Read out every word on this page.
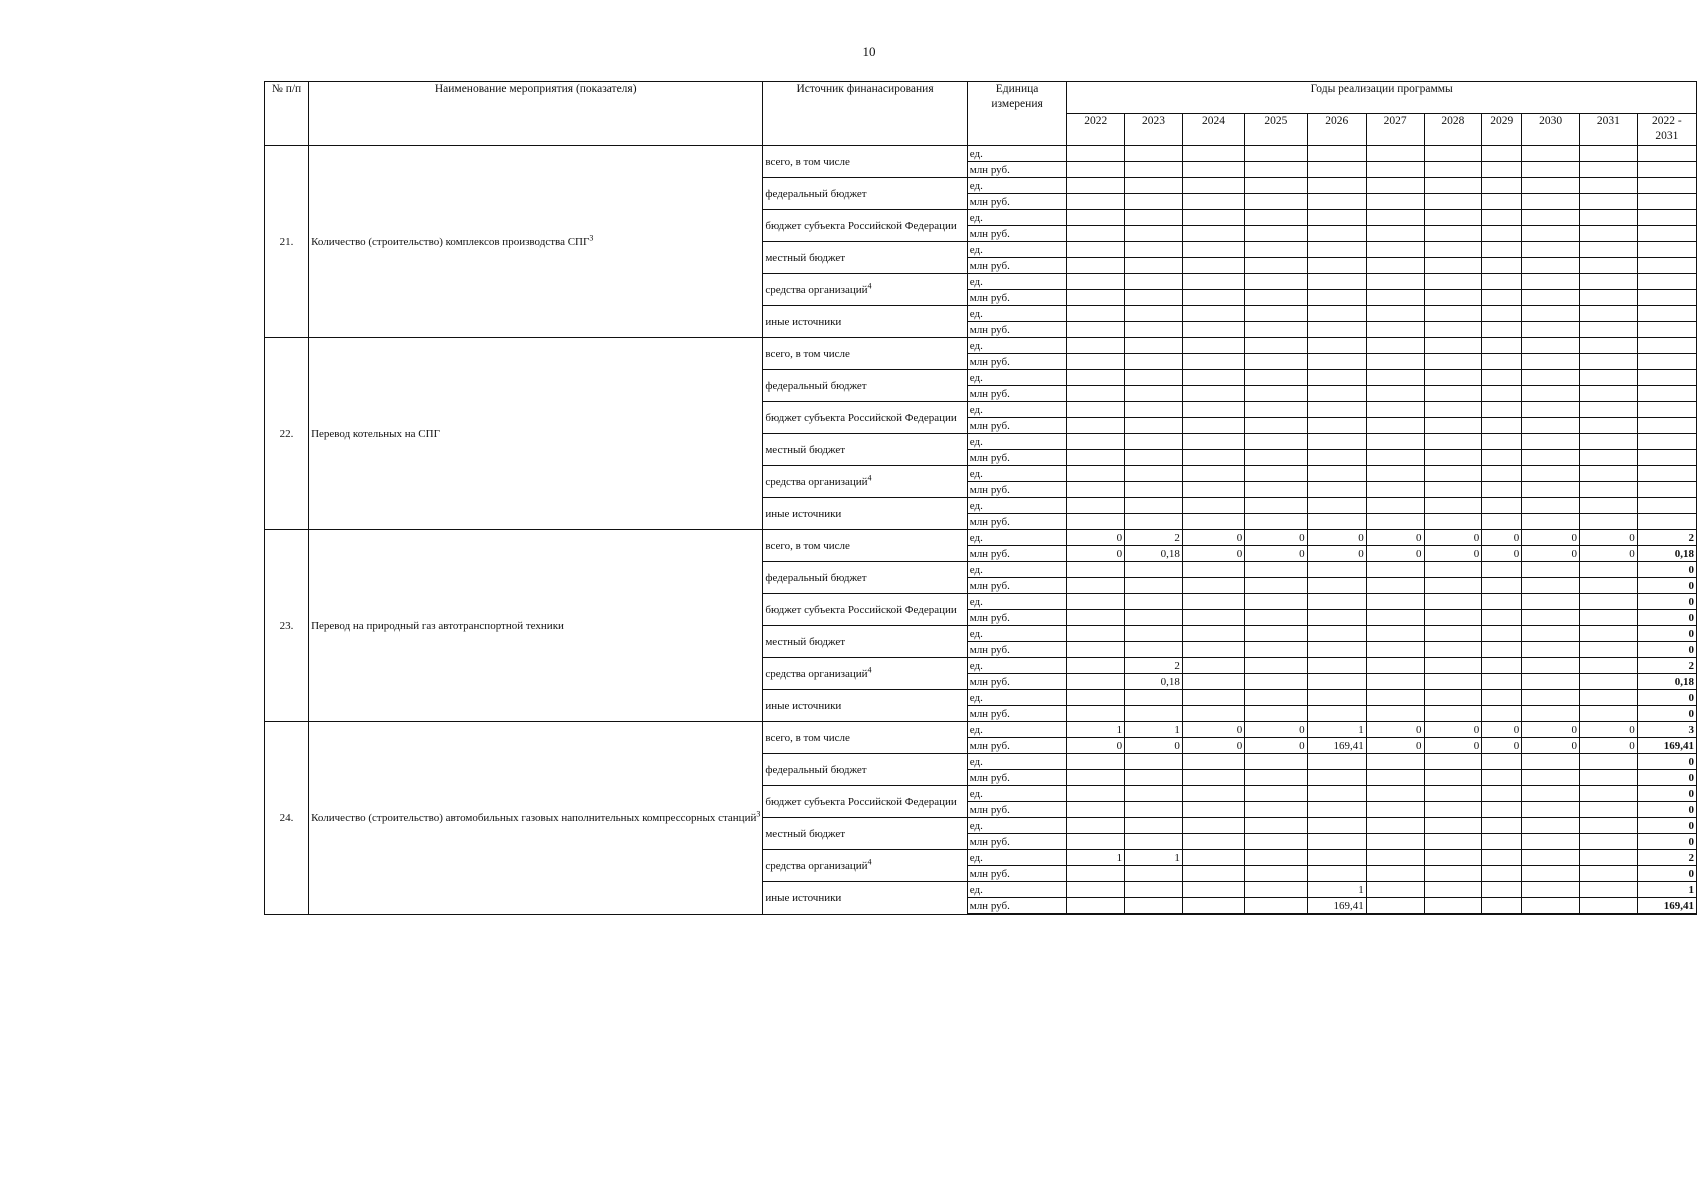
10
№ п/п	Наименование мероприятия (показателя)	Источник финанасирования	Единица измерения	Годы реализации программы										
				2022	2023	2024	2025	2026	2027	2028	2029	2030	2031	2022 - 2031
21.	Количество (строительство) комплексов производства СПГ$^3$	всего, в том числе	ед.											
			млн руб.											
		федеральный бюджет	ед.											
			млн руб.											
		бюджет субъекта Российской Федерации	ед.											
			млн руб.											
		местный бюджет	ед.											
			млн руб.											
		средства организаций$^4$	ед.											
			млн руб.											
		иные источники	ед.											
			млн руб.											
22.	Перевод котельных на СПГ	всего, в том числе	ед.											
			млн руб.											
		федеральный бюджет	ед.											
			млн руб.											
		бюджет субъекта Российской Федерации	ед.											
			млн руб.											
		местный бюджет	ед.											
			млн руб.											
		средства организаций$^4$	ед.											
			млн руб.											
		иные источники	ед.											
			млн руб.											
23.	Перевод на природный газ автотранспортной техники	всего, в том числе	ед.	0	2	0	0	0	0	0	0	0	0	2
			млн руб.	0	0,18	0	0	0	0	0	0	0	0	0,18
		федеральный бюджет	ед.											0
			млн руб.											0
		бюджет субъекта Российской Федерации	ед.											0
			млн руб.											0
		местный бюджет	ед.											0
			млн руб.											0
		средства организаций$^4$	ед.		2									2
			млн руб.		0,18									0,18
		иные источники	ед.											0
			млн руб.											0
24.	Количество (строительство) автомобильных газовых наполнительных компрессорных станций$^3$	всего, в том числе	ед.	1	1	0	0	1	0	0	0	0	0	3
			млн руб.	0	0	0	0	169,41	0	0	0	0	0	169,41
		федеральный бюджет	ед.											0
			млн руб.											0
		бюджет субъекта Российской Федерации	ед.											0
			млн руб.											0
		местный бюджет	ед.											0
			млн руб.											0
		средства организаций$^4$	ед.	1	1									2
			млн руб.											0
		иные источники	ед.					1						1
			млн руб.					169,41						169,41
